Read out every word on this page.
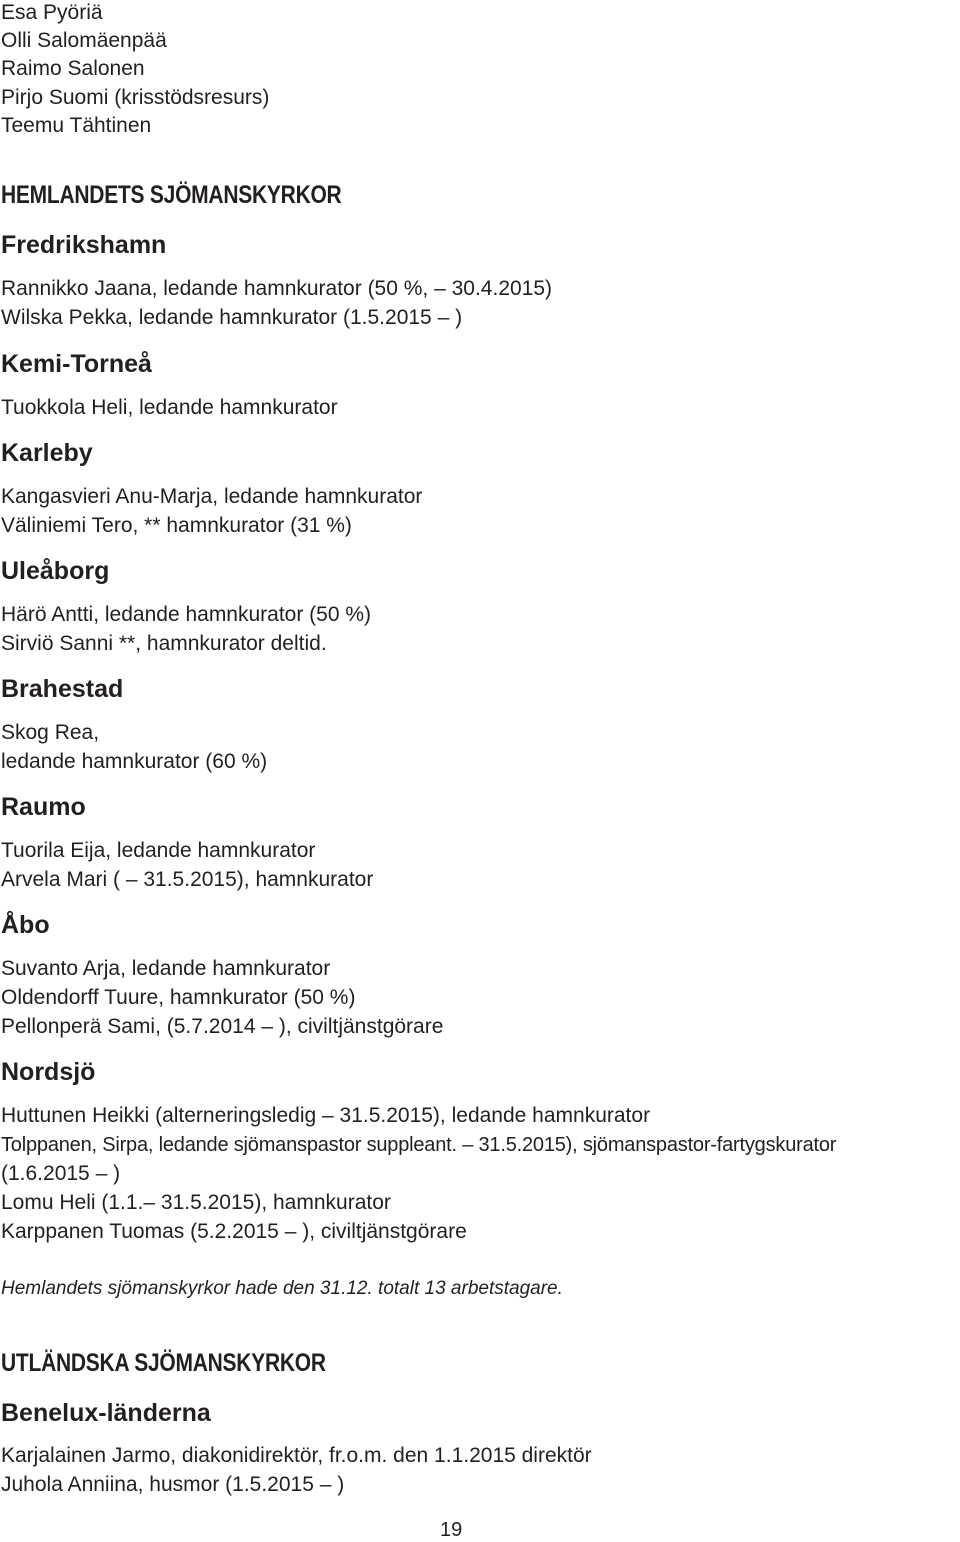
Esa Pyöriä
Olli Salomäenpää
Raimo Salonen
Pirjo Suomi (krisstödsresurs)
Teemu Tähtinen
HEMLANDETS SJÖMANSKYRKOR
Fredrikshamn
Rannikko Jaana, ledande hamnkurator (50 %, – 30.4.2015)
Wilska Pekka, ledande hamnkurator (1.5.2015 – )
Kemi-Torneå
Tuokkola Heli, ledande hamnkurator
Karleby
Kangasvieri Anu-Marja, ledande hamnkurator
Väliniemi Tero, ** hamnkurator (31 %)
Uleåborg
Härö Antti, ledande hamnkurator (50 %)
Sirviö Sanni **, hamnkurator deltid.
Brahestad
Skog Rea,
ledande hamnkurator (60 %)
Raumo
Tuorila Eija, ledande hamnkurator
Arvela Mari ( – 31.5.2015), hamnkurator
Åbo
Suvanto Arja, ledande hamnkurator
Oldendorff Tuure, hamnkurator (50 %)
Pellonperä Sami, (5.7.2014 – ), civiltjänstgörare
Nordsjö
Huttunen Heikki (alterneringsledig – 31.5.2015), ledande hamnkurator
Tolppanen, Sirpa, ledande sjömanspastor suppleant. – 31.5.2015), sjömanspastor-fartygskurator
(1.6.2015 – )
Lomu Heli (1.1.– 31.5.2015), hamnkurator
Karppanen Tuomas (5.2.2015 – ), civiltjänstgörare
Hemlandets sjömanskyrkor hade den 31.12. totalt 13 arbetstagare.
UTLÄNDSKA SJÖMANSKYRKOR
Benelux-länderna
Karjalainen Jarmo, diakonidirektör, fr.o.m. den 1.1.2015 direktör
Juhola Anniina, husmor (1.5.2015 – )
19
